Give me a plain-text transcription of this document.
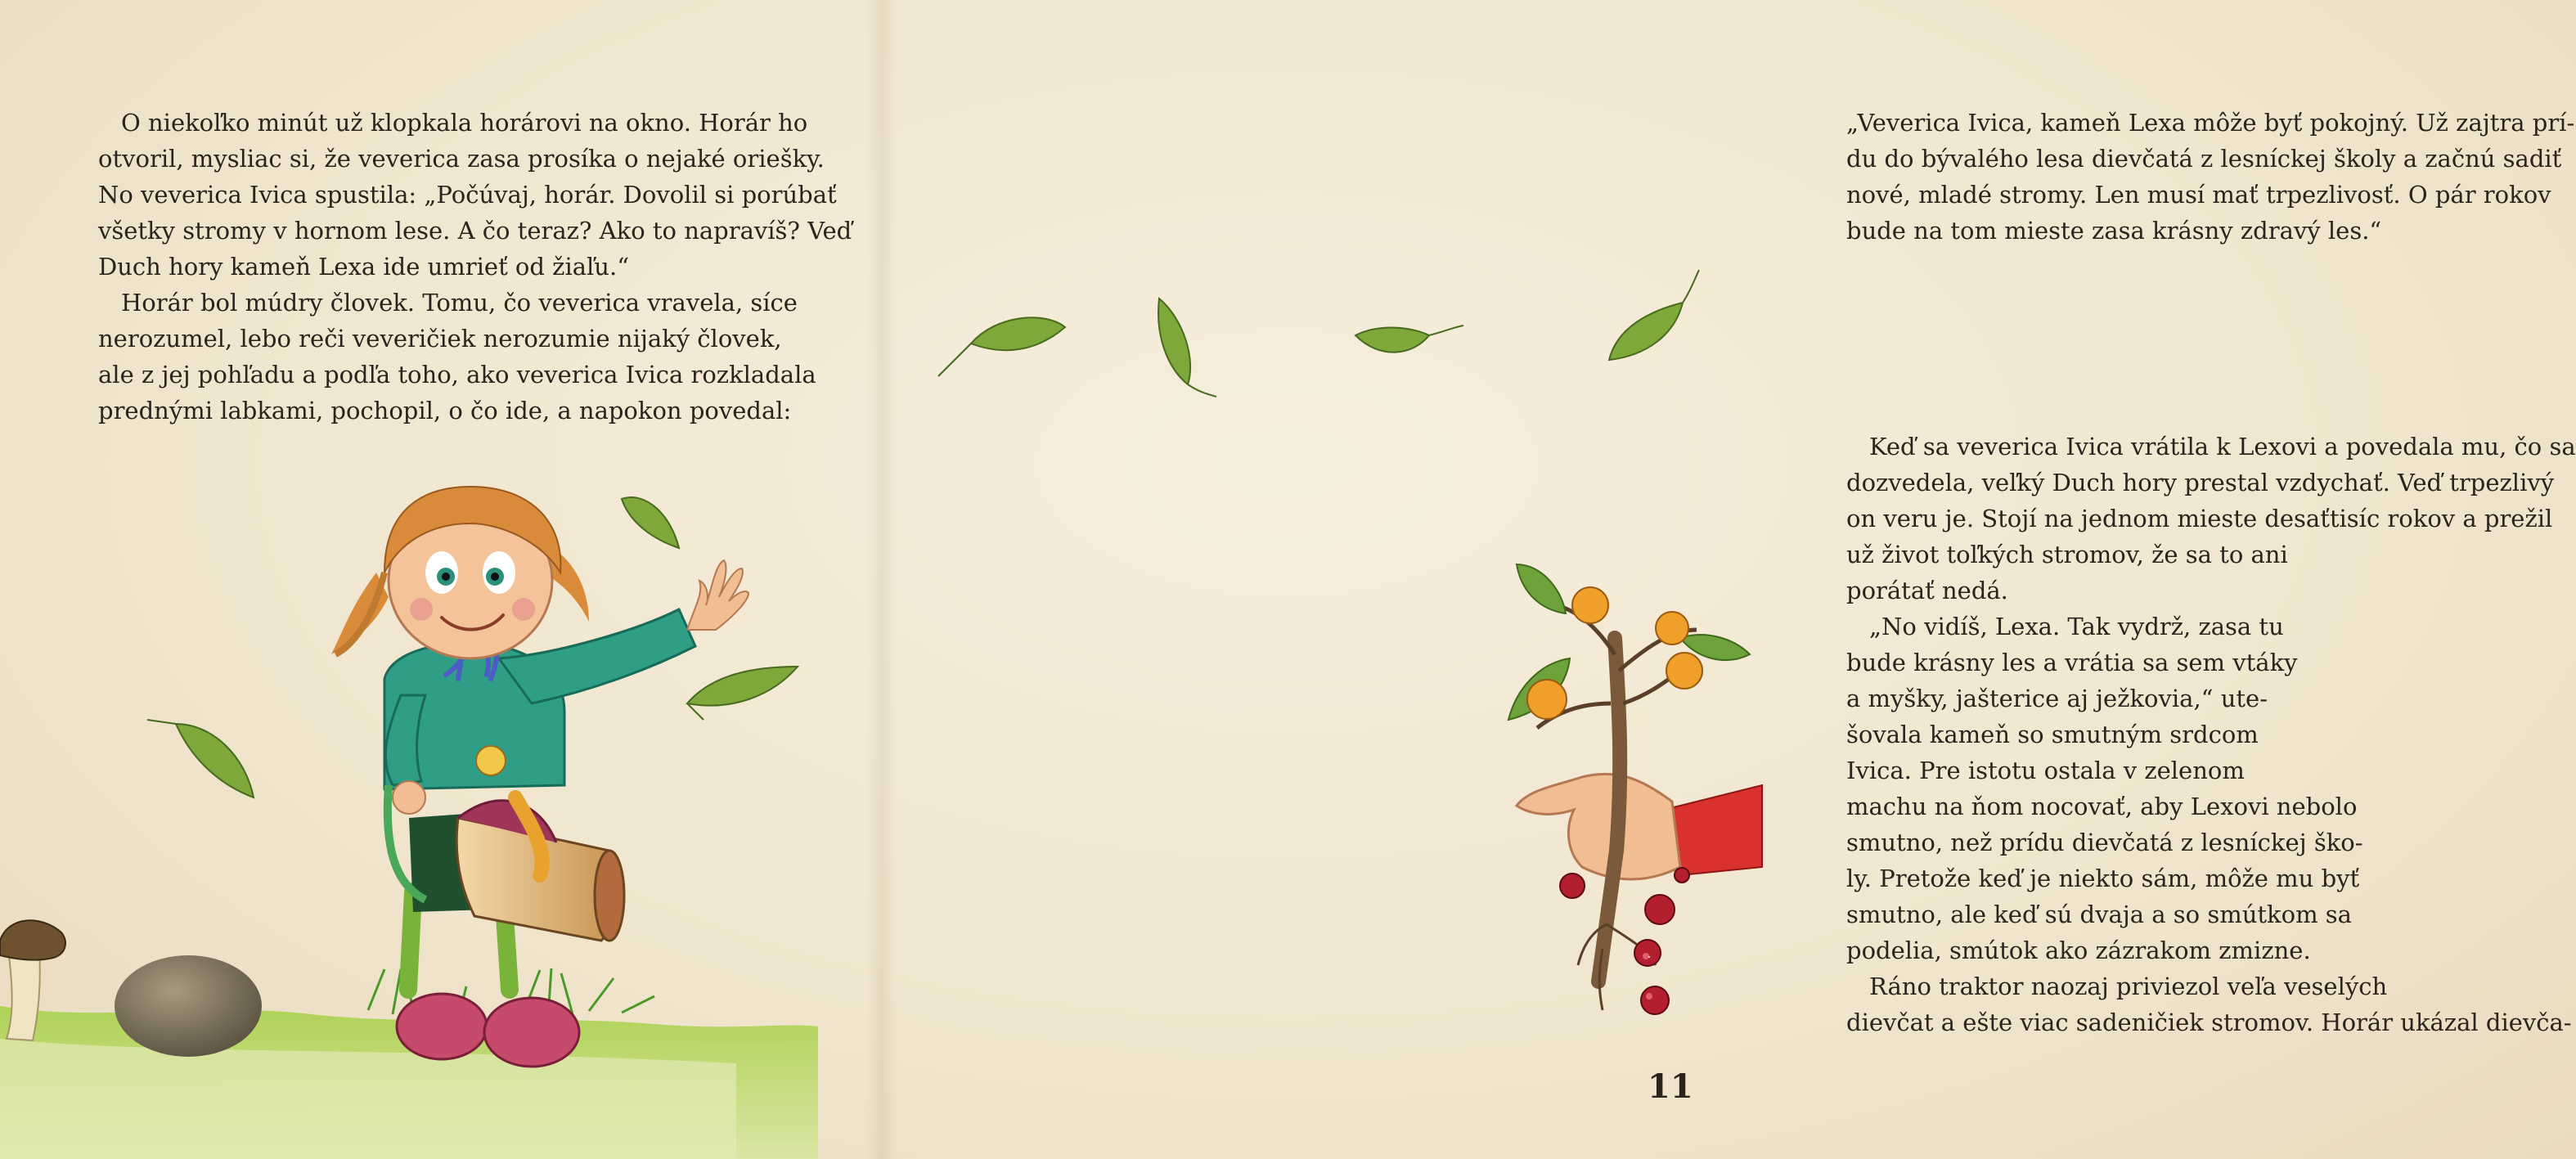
O niekoľko minút už klopkala horárovi na okno. Horár ho

otvoril, mysliac si, že veverica zasa prosíka o nejaké oriešky.

No veverica Ivica spustila: „Počúvaj, horár. Dovolil si porúbať

všetky stromy v hornom lese. A čo teraz? Ako to napravíš? Veď

Duch hory kameň Lexa ide umrieť od žiaľu.“

Horár bol múdry človek. Tomu, čo veverica vravela, síce

nerozumel, lebo reči veveričiek nerozumie nijaký človek,

ale z jej pohľadu a podľa toho, ako veverica Ivica rozkladala

prednými labkami, pochopil, o čo ide, a napokon povedal:

„Veverica Ivica, kameň Lexa môže byť pokojný. Už zajtra prí-

du do bývalého lesa dievčatá z lesníckej školy a začnú sadiť

nové, mladé stromy. Len musí mať trpezlivosť. O pár rokov

bude na tom mieste zasa krásny zdravý les.“

Keď sa veverica Ivica vrátila k Lexovi a povedala mu, čo sa

dozvedela, veľký Duch hory prestal vzdychať. Veď trpezlivý

on veru je. Stojí na jednom mieste desaťtisíc rokov a prežil

už život toľkých stromov, že sa to ani

porátať nedá.

„No vidíš, Lexa. Tak vydrž, zasa tu

bude krásny les a vrátia sa sem vtáky

a myšky, jašterice aj ježkovia,“ ute-

šovala kameň so smutným srdcom

Ivica. Pre istotu ostala v zelenom

machu na ňom nocovať, aby Lexovi nebolo

smutno, než prídu dievčatá z lesníckej ško-

ly. Pretože keď je niekto sám, môže mu byť

smutno, ale keď sú dvaja a so smútkom sa

podelia, smútok ako zázrakom zmizne.

Ráno traktor naozaj priviezol veľa veselých

dievčat a ešte viac sadeničiek stromov. Horár ukázal dievča-

11
